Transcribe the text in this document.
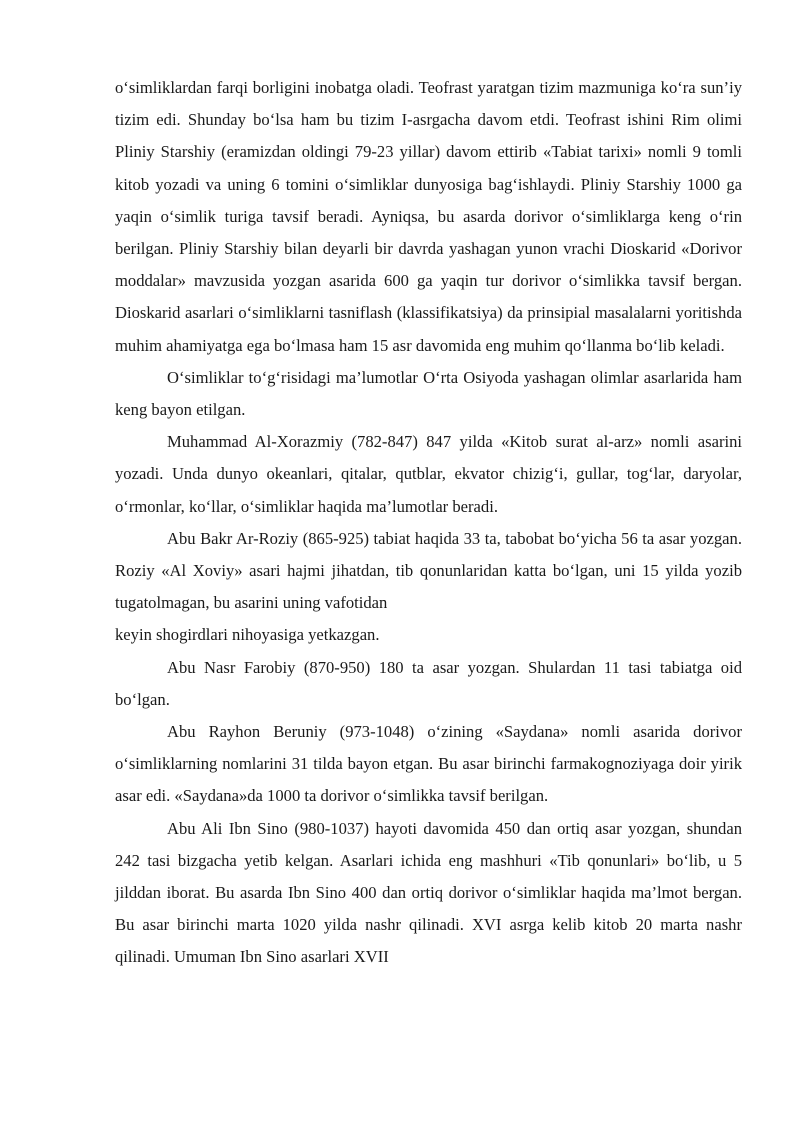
o‘simliklardan farqi borligini inobatga oladi. Teofrast yaratgan tizim mazmuniga ko‘ra sun’iy tizim edi. Shunday bo‘lsa ham bu tizim I-asrgacha davom etdi. Teofrast ishini Rim olimi Pliniy Starshiy (eramizdan oldingi 79-23 yillar) davom ettirib «Tabiat tarixi» nomli 9 tomli kitob yozadi va uning 6 tomini o‘simliklar dunyosiga bag‘ishlaydi. Pliniy Starshiy 1000 ga yaqin o‘simlik turiga tavsif beradi. Ayniqsa, bu asarda dorivor o‘simliklarga keng o‘rin berilgan. Pliniy Starshiy bilan deyarli bir davrda yashagan yunon vrachi Dioskarid «Dorivor moddalar» mavzusida yozgan asarida 600 ga yaqin tur dorivor o‘simlikka tavsif bergan. Dioskarid asarlari o‘simliklarni tasniflash (klassifikatsiya) da prinsipial masalalarni yoritishda muhim ahamiyatga ega bo‘lmasa ham 15 asr davomida eng muhim qo‘llanma bo‘lib keladi.

O‘simliklar to‘g‘risidagi ma’lumotlar O‘rta Osiyoda yashagan olimlar asarlarida ham keng bayon etilgan.

Muhammad Al-Xorazmiy (782-847) 847 yilda «Kitob surat al-arz» nomli asarini yozadi. Unda dunyo okeanlari, qitalar, qutblar, ekvator chizig‘i, gullar, tog‘lar, daryolar, o‘rmonlar, ko‘llar, o‘simliklar haqida ma’lumotlar beradi.

Abu Bakr Ar-Roziy (865-925) tabiat haqida 33 ta, tabobat bo‘yicha 56 ta asar yozgan. Roziy «Al Xoviy» asari hajmi jihatdan, tib qonunlaridan katta bo‘lgan, uni 15 yilda yozib tugatolmagan, bu asarini uning vafotidan

keyin shogirdlari nihoyasiga yetkazgan.

Abu Nasr Farobiy (870-950) 180 ta asar yozgan. Shulardan 11 tasi tabiatga oid bo‘lgan.

Abu Rayhon Beruniy (973-1048) o‘zining «Saydana» nomli asarida dorivor o‘simliklarning nomlarini 31 tilda bayon etgan. Bu asar birinchi farmakognoziyaga doir yirik asar edi. «Saydana»da 1000 ta dorivor o‘simlikka tavsif berilgan.

Abu Ali Ibn Sino (980-1037) hayoti davomida 450 dan ortiq asar yozgan, shundan 242 tasi bizgacha yetib kelgan. Asarlari ichida eng mashhuri «Tib qonunlari» bo‘lib, u 5 jilddan iborat. Bu asarda Ibn Sino 400 dan ortiq dorivor o‘simliklar haqida ma’lmot bergan. Bu asar birinchi marta 1020 yilda nashr qilinadi. XVI asrga kelib kitob 20 marta nashr qilinadi. Umuman Ibn Sino asarlari XVII
